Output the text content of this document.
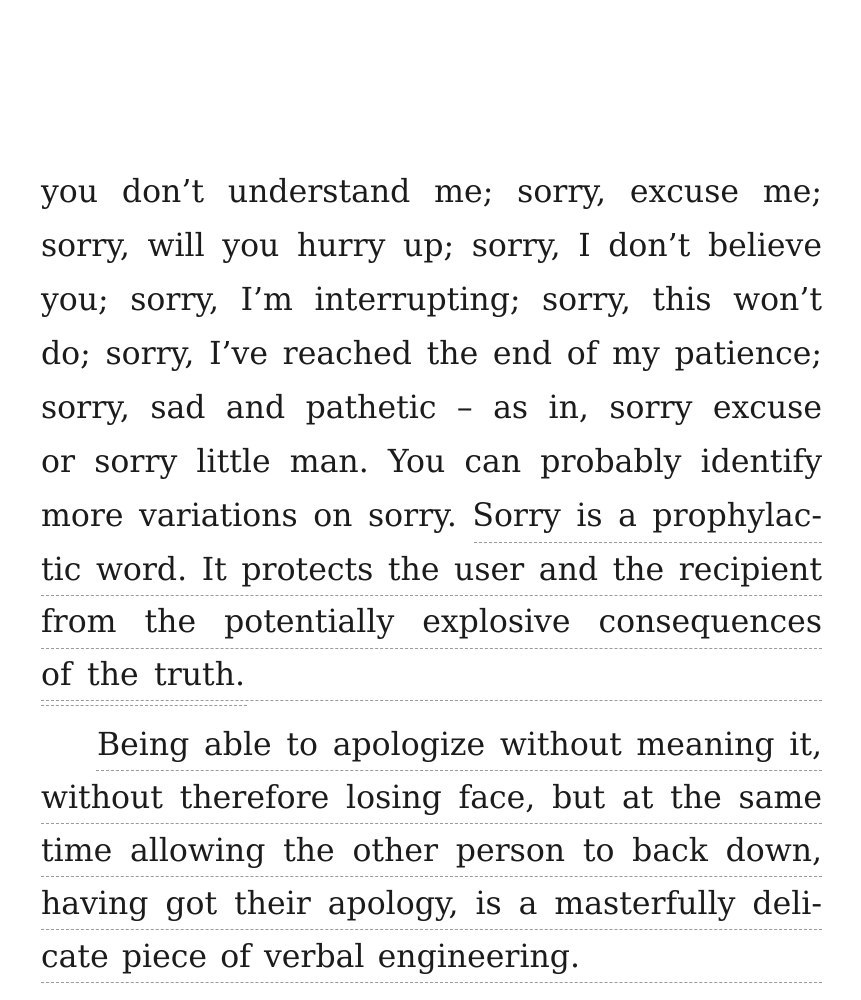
you don’t understand me; sorry, excuse me;
sorry, will you hurry up; sorry, I don’t believe
you; sorry, I’m interrupting; sorry, this won’t
do; sorry, I’ve reached the end of my patience;
sorry, sad and pathetic – as in, sorry excuse
or sorry little man. You can probably identify
more variations on sorry. Sorry is a prophylac-
tic word. It protects the user and the recipient
from the potentially explosive consequences
of the truth.
Being able to apologize without meaning it,
without therefore losing face, but at the same
time allowing the other person to back down,
having got their apology, is a masterfully deli-
cate piece of verbal engineering.
